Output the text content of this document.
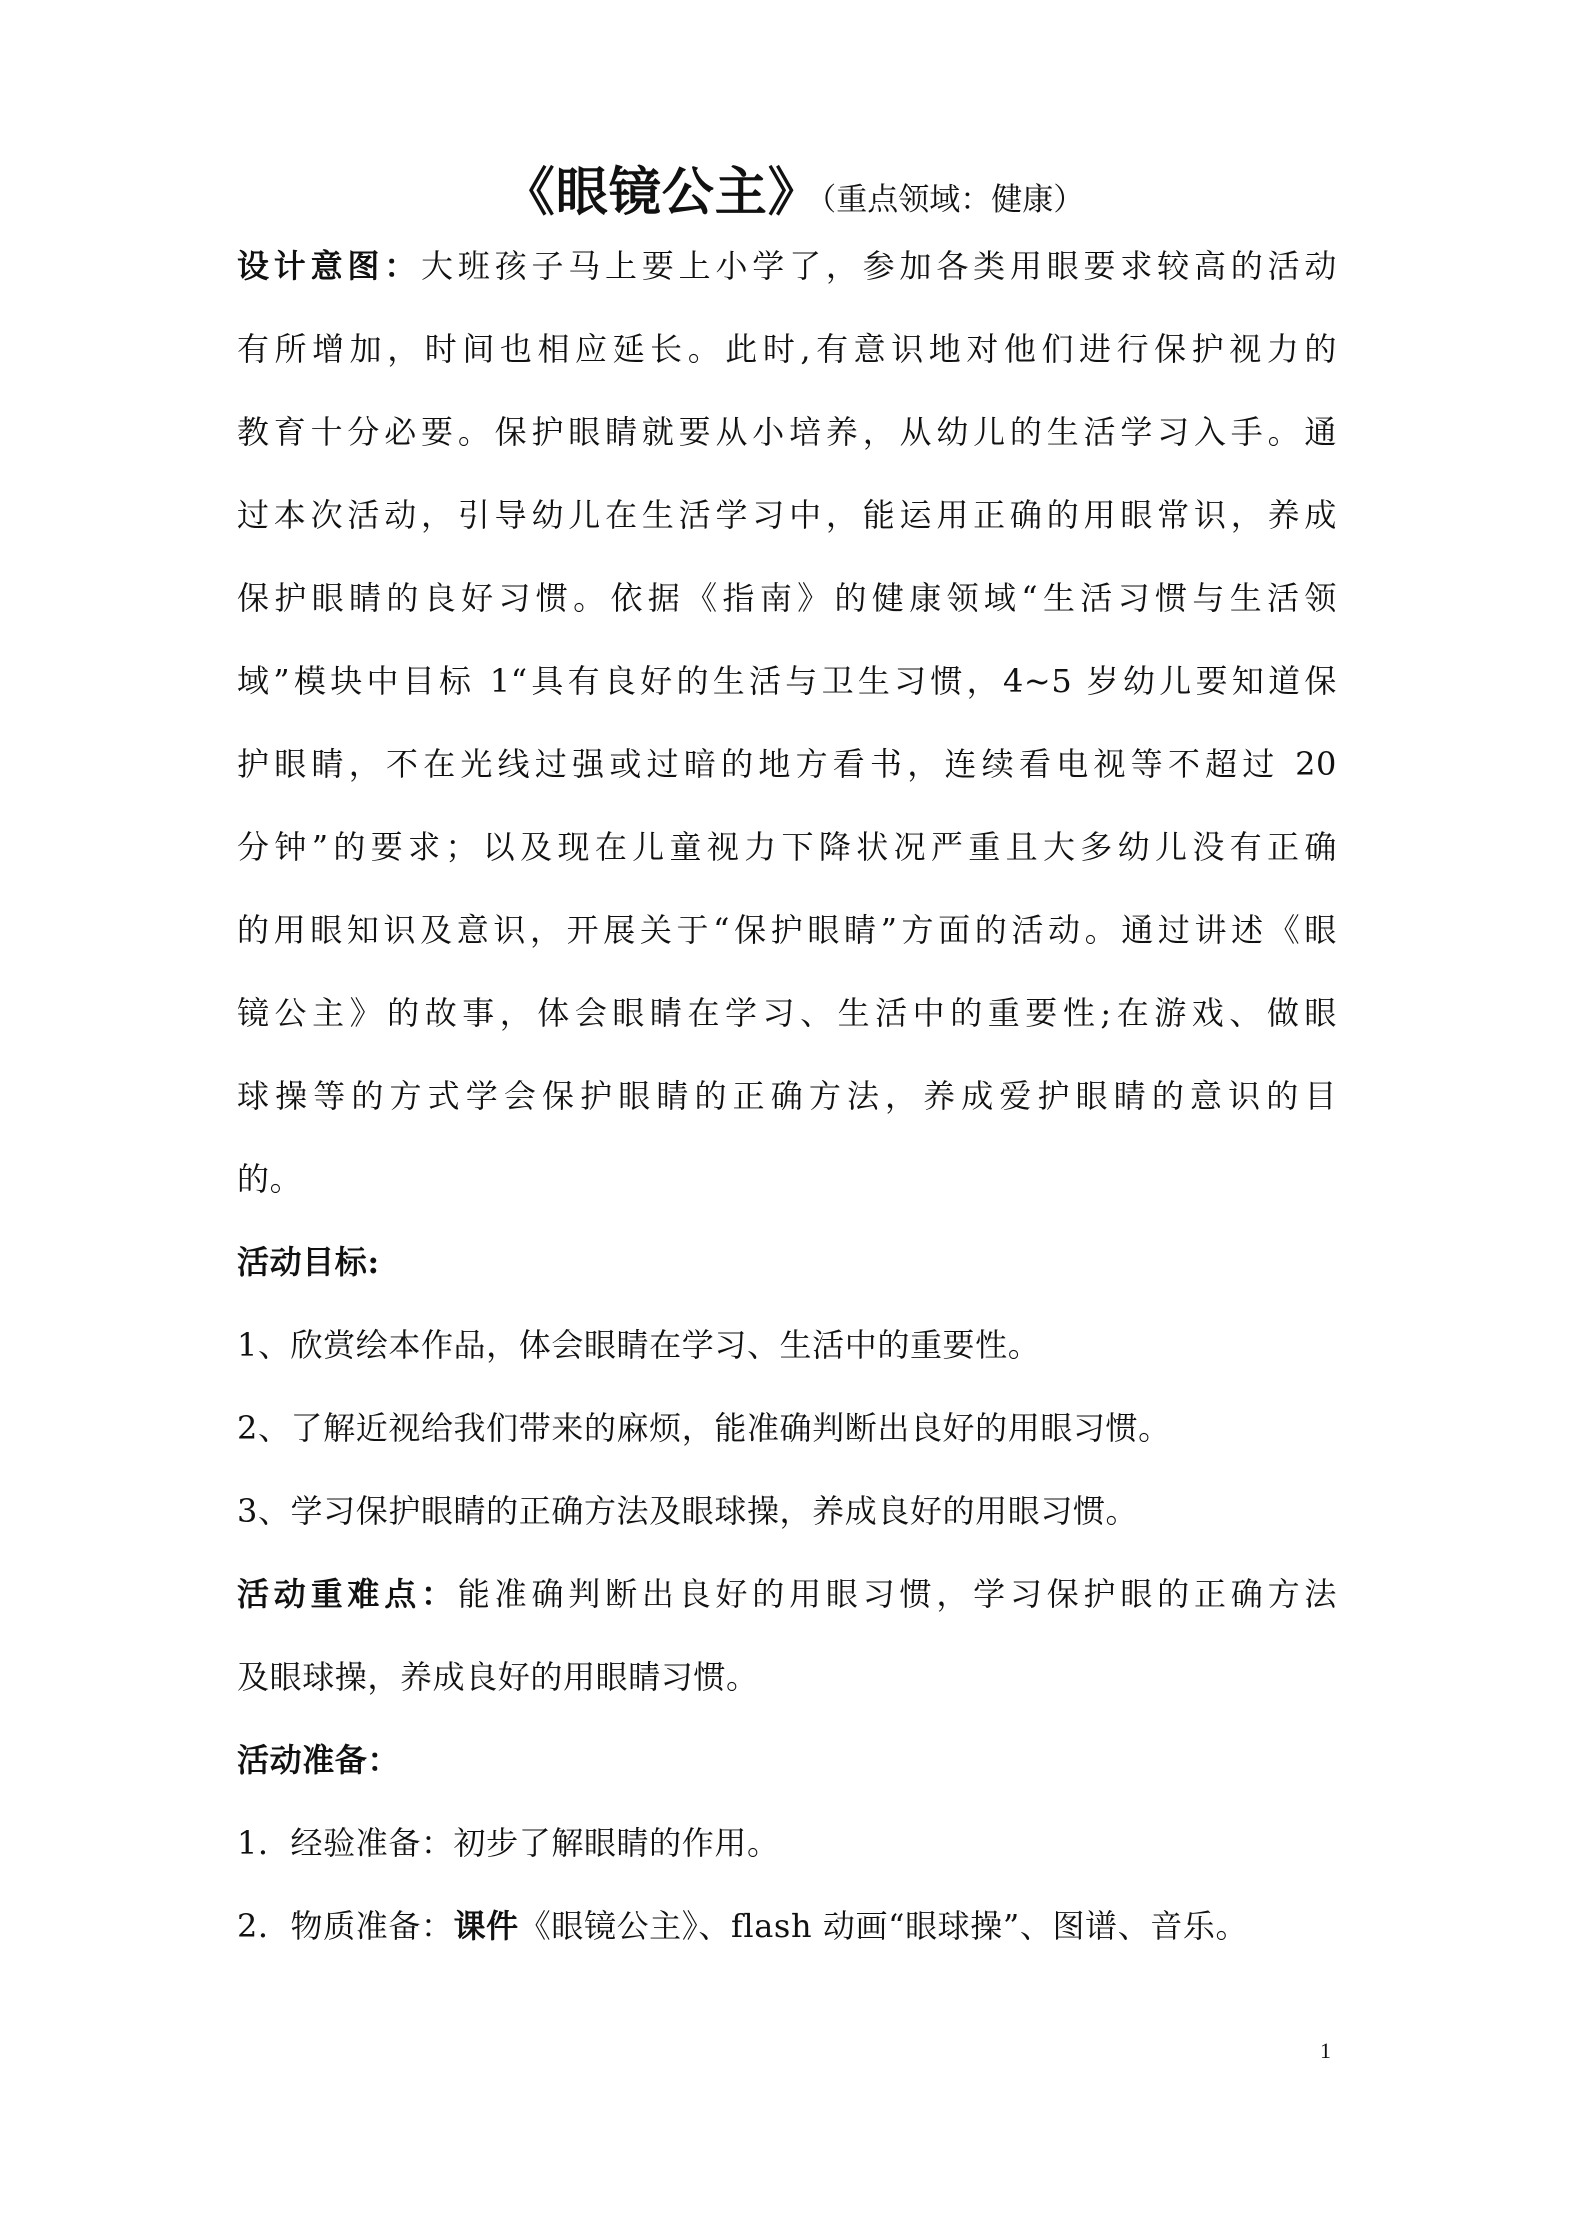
《眼镜公主》（重点领域：健康）
设计意图：大班孩子马上要上小学了，参加各类用眼要求较高的活动
有所增加，时间也相应延长。此时,有意识地对他们进行保护视力的
教育十分必要。保护眼睛就要从小培养，从幼儿的生活学习入手。通
过本次活动，引导幼儿在生活学习中，能运用正确的用眼常识，养成
保护眼睛的良好习惯。依据《指南》的健康领域“生活习惯与生活领
域”模块中目标 1“具有良好的生活与卫生习惯，4~5 岁幼儿要知道保
护眼睛，不在光线过强或过暗的地方看书，连续看电视等不超过 20
分钟”的要求；以及现在儿童视力下降状况严重且大多幼儿没有正确
的用眼知识及意识，开展关于“保护眼睛”方面的活动。通过讲述《眼
镜公主》的故事，体会眼睛在学习、生活中的重要性;在游戏、做眼
球操等的方式学会保护眼睛的正确方法，养成爱护眼睛的意识的目
的。
活动目标:
1、欣赏绘本作品，体会眼睛在学习、生活中的重要性。
2、了解近视给我们带来的麻烦，能准确判断出良好的用眼习惯。
3、学习保护眼睛的正确方法及眼球操，养成良好的用眼习惯。
活动重难点：能准确判断出良好的用眼习惯，学习保护眼的正确方法
及眼球操，养成良好的用眼睛习惯。
活动准备：
1．经验准备：初步了解眼睛的作用。
2．物质准备：课件《眼镜公主》、flash 动画“眼球操”、图谱、音乐。
1
